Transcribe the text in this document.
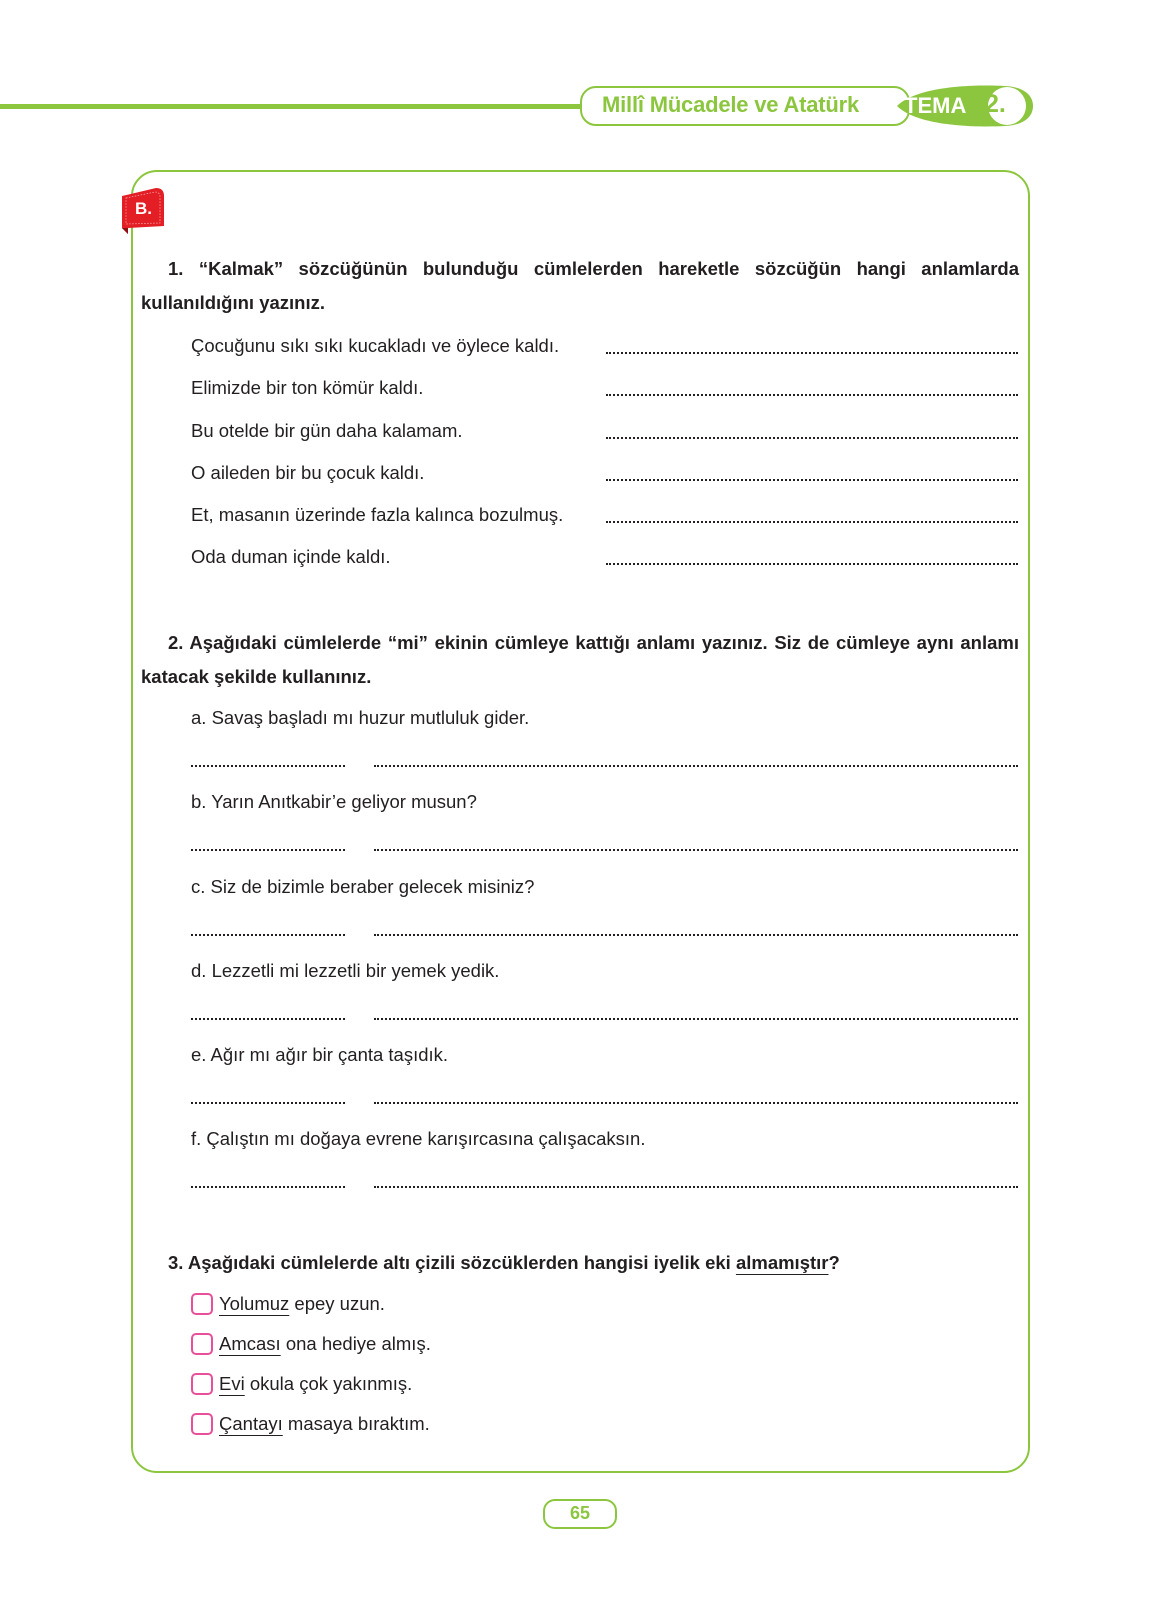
Millî Mücadele ve Atatürk TEMA 2.
B.
1. “Kalmak” sözcüğünün bulunduğu cümlelerden hareketle sözcüğün hangi anlamlarda kullanıldığını yazınız.
Çocuğunu sıkı sıkı kucakladı ve öylece kaldı.
Elimizde bir ton kömür kaldı.
Bu otelde bir gün daha kalamam.
O aileden bir bu çocuk kaldı.
Et, masanın üzerinde fazla kalınca bozulmuş.
Oda duman içinde kaldı.
2. Aşağıdaki cümlelerde “mi” ekinin cümleye kattığı anlamı yazınız. Siz de cümleye aynı anlamı katacak şekilde kullanınız.
a. Savaş başladı mı huzur mutluluk gider.
b. Yarın Anıtkabir’e geliyor musun?
c. Siz de bizimle beraber gelecek misiniz?
d. Lezzetli mi lezzetli bir yemek yedik.
e. Ağır mı ağır bir çanta taşıdık.
f. Çalıştın mı doğaya evrene karışırcasına çalışacaksın.
3. Aşağıdaki cümlelerde altı çizili sözcüklerden hangisi iyelik eki almamıştır?
Yolumuz epey uzun.
Amcası ona hediye almış.
Evi okula çok yakınmış.
Çantayı masaya bıraktım.
65
